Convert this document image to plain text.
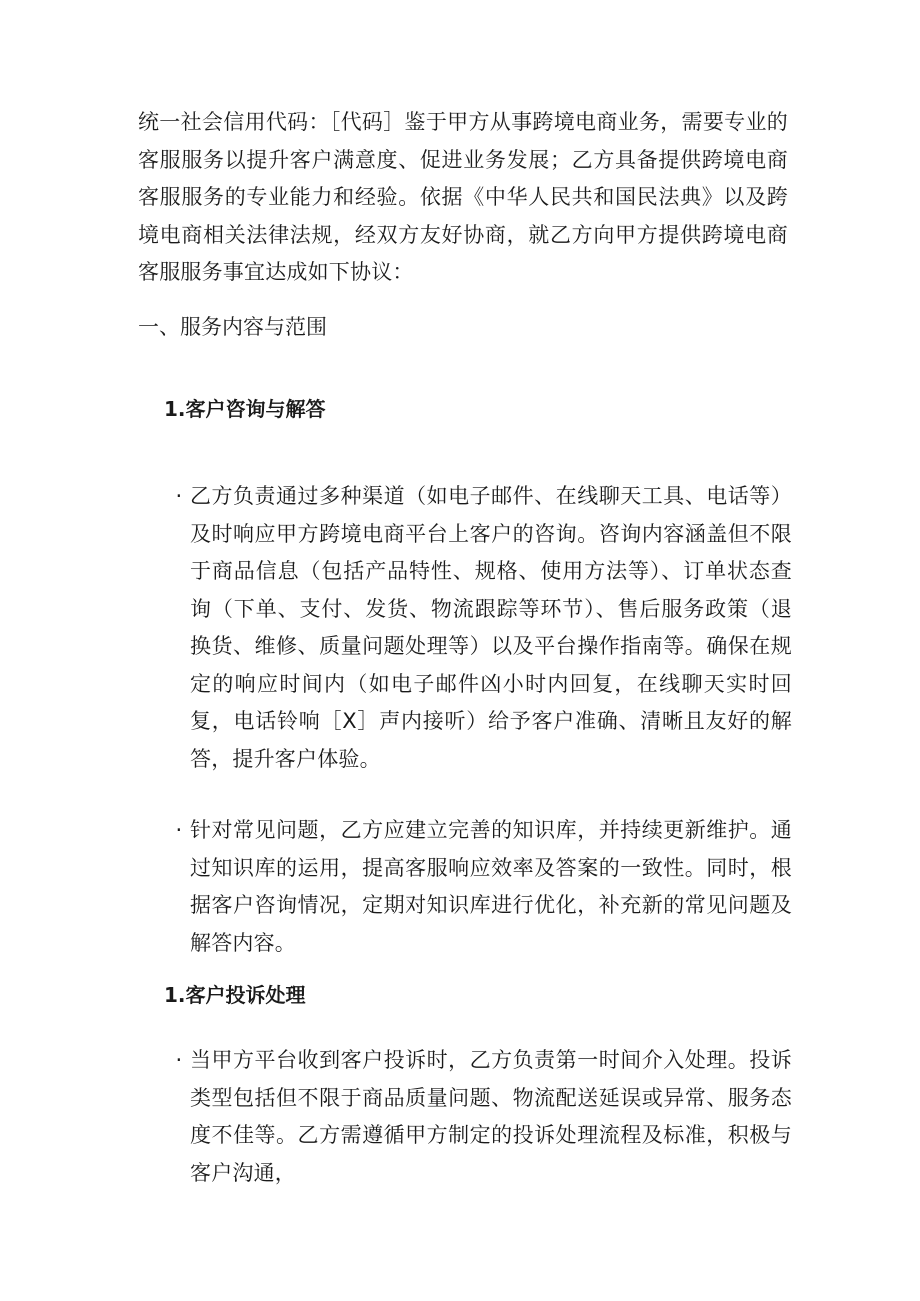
统一社会信用代码：［代码］鉴于甲方从事跨境电商业务，需要专业的客服服务以提升客户满意度、促进业务发展；乙方具备提供跨境电商客服服务的专业能力和经验。依据《中华人民共和国民法典》以及跨境电商相关法律法规，经双方友好协商，就乙方向甲方提供跨境电商客服服务事宜达成如下协议：
一、服务内容与范围
1.客户咨询与解答
· 乙方负责通过多种渠道（如电子邮件、在线聊天工具、电话等）及时响应甲方跨境电商平台上客户的咨询。咨询内容涵盖但不限于商品信息（包括产品特性、规格、使用方法等）、订单状态查询（下单、支付、发货、物流跟踪等环节）、售后服务政策（退换货、维修、质量问题处理等）以及平台操作指南等。确保在规定的响应时间内（如电子邮件凶小时内回复，在线聊天实时回复，电话铃响［X］声内接听）给予客户准确、清晰且友好的解答，提升客户体验。
· 针对常见问题，乙方应建立完善的知识库，并持续更新维护。通过知识库的运用，提高客服响应效率及答案的一致性。同时，根据客户咨询情况，定期对知识库进行优化，补充新的常见问题及解答内容。
1.客户投诉处理
· 当甲方平台收到客户投诉时，乙方负责第一时间介入处理。投诉类型包括但不限于商品质量问题、物流配送延误或异常、服务态度不佳等。乙方需遵循甲方制定的投诉处理流程及标准，积极与客户沟通，
